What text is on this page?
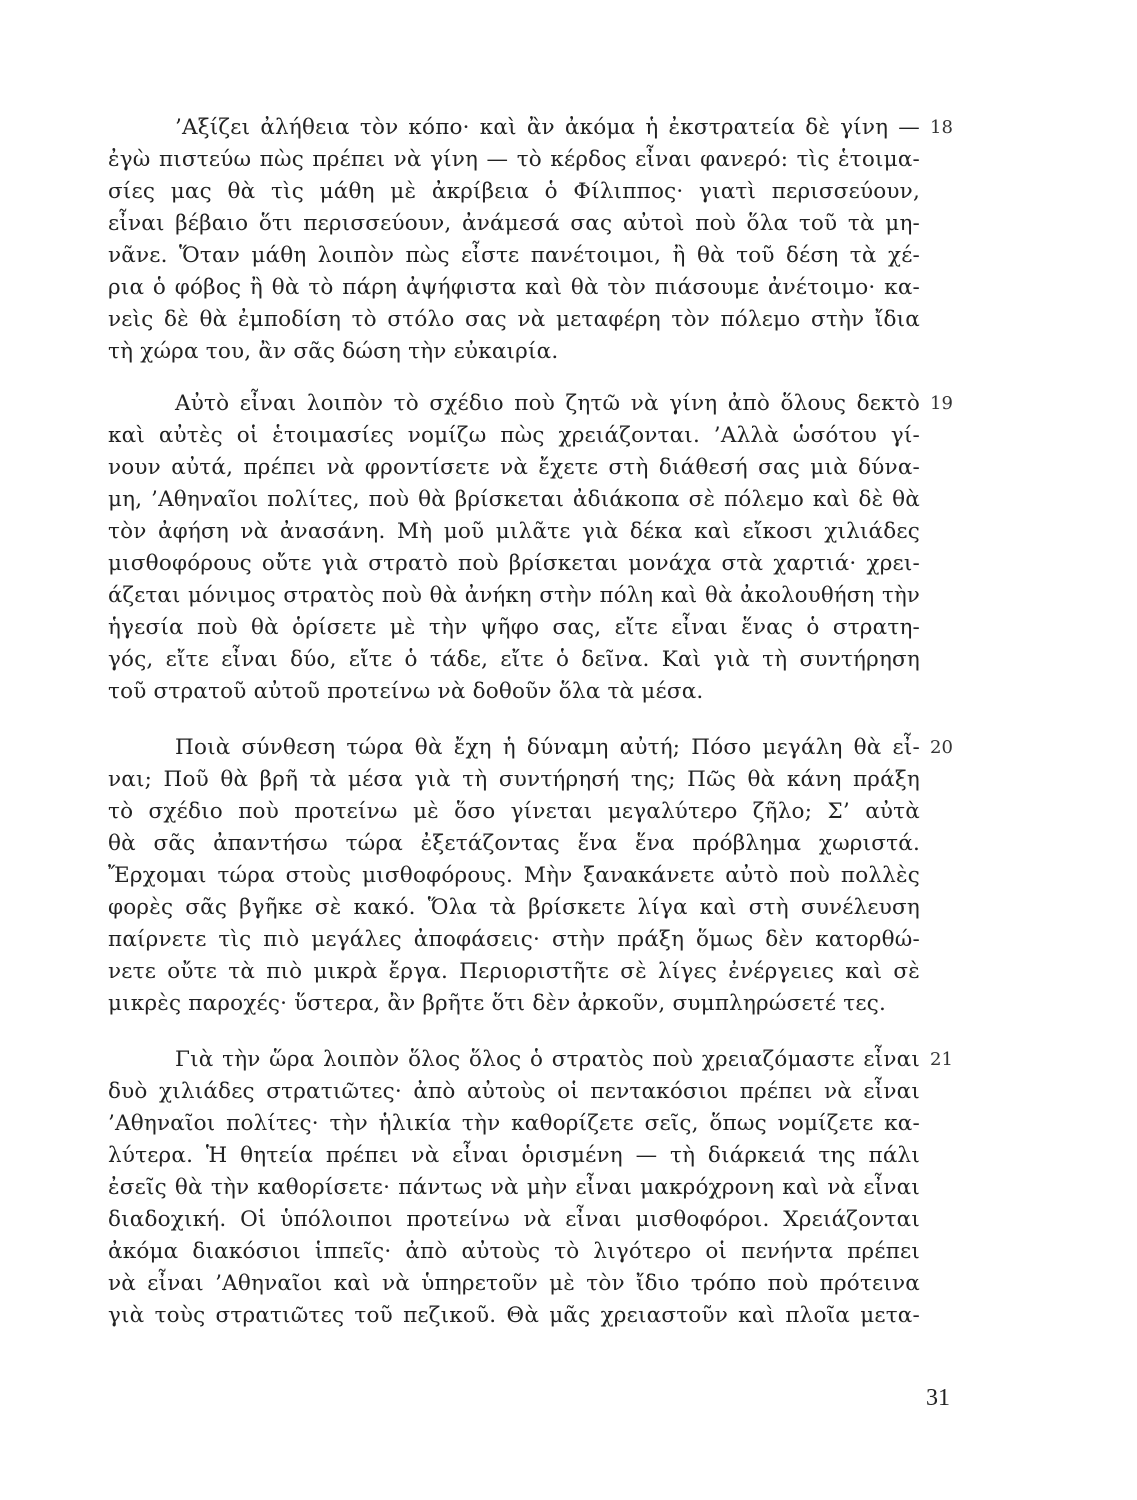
18
’Αξίζει ἀλήθεια τὸν κόπο· καὶ ἂν ἀκόμα ἡ ἐκστρατεία δὲ γίνη —
ἐγὼ πιστεύω πὼς πρέπει νὰ γίνη — τὸ κέρδος εἶναι φανερό: τὶς ἑτοιμα-
σίες μας θὰ τὶς μάθη μὲ ἀκρίβεια ὁ Φίλιππος· γιατὶ περισσεύουν,
εἶναι βέβαιο ὅτι περισσεύουν, ἀνάμεσά σας αὐτοὶ ποὺ ὅλα τοῦ τὰ μη-
νᾶνε. Ὅταν μάθη λοιπὸν πὼς εἶστε πανέτοιμοι, ἢ θὰ τοῦ δέση τὰ χέ-
ρια ὁ φόβος ἢ θὰ τὸ πάρη ἀψήφιστα καὶ θὰ τὸν πιάσουμε ἀνέτοιμο· κα-
νεὶς δὲ θὰ ἐμποδίση τὸ στόλο σας νὰ μεταφέρη τὸν πόλεμο στὴν ἴδια
τὴ χώρα του, ἂν σᾶς δώση τὴν εὐκαιρία.
19
Αὐτὸ εἶναι λοιπὸν τὸ σχέδιο ποὺ ζητῶ νὰ γίνη ἀπὸ ὅλους δεκτὸ
καὶ αὐτὲς οἱ ἑτοιμασίες νομίζω πὼς χρειάζονται. ’Αλλὰ ὡσότου γί-
νουν αὐτά, πρέπει νὰ φροντίσετε νὰ ἔχετε στὴ διάθεσή σας μιὰ δύνα-
μη, ’Αθηναῖοι πολίτες, ποὺ θὰ βρίσκεται ἀδιάκοπα σὲ πόλεμο καὶ δὲ θὰ
τὸν ἀφήση νὰ ἀνασάνη. Μὴ μοῦ μιλᾶτε γιὰ δέκα καὶ εἴκοσι χιλιάδες
μισθοφόρους οὔτε γιὰ στρατὸ ποὺ βρίσκεται μονάχα στὰ χαρτιά· χρει-
άζεται μόνιμος στρατὸς ποὺ θὰ ἀνήκη στὴν πόλη καὶ θὰ ἀκολουθήση τὴν
ἡγεσία ποὺ θὰ ὁρίσετε μὲ τὴν ψῆφο σας, εἴτε εἶναι ἕνας ὁ στρατη-
γός, εἴτε εἶναι δύο, εἴτε ὁ τάδε, εἴτε ὁ δεῖνα. Καὶ γιὰ τὴ συντήρηση
τοῦ στρατοῦ αὐτοῦ προτείνω νὰ δοθοῦν ὅλα τὰ μέσα.
20
Ποιὰ σύνθεση τώρα θὰ ἔχη ἡ δύναμη αὐτή; Πόσο μεγάλη θὰ εἶ-
ναι; Ποῦ θὰ βρῆ τὰ μέσα γιὰ τὴ συντήρησή της; Πῶς θὰ κάνη πράξη
τὸ σχέδιο ποὺ προτείνω μὲ ὅσο γίνεται μεγαλύτερο ζῆλο; Σ’ αὐτὰ
θὰ σᾶς ἀπαντήσω τώρα ἐξετάζοντας ἕνα ἕνα πρόβλημα χωριστά.
Ἔρχομαι τώρα στοὺς μισθοφόρους. Μὴν ξανακάνετε αὐτὸ ποὺ πολλὲς
φορὲς σᾶς βγῆκε σὲ κακό. Ὅλα τὰ βρίσκετε λίγα καὶ στὴ συνέλευση
παίρνετε τὶς πιὸ μεγάλες ἀποφάσεις· στὴν πράξη ὅμως δὲν κατορθώ-
νετε οὔτε τὰ πιὸ μικρὰ ἔργα. Περιοριστῆτε σὲ λίγες ἐνέργειες καὶ σὲ
μικρὲς παροχές· ὕστερα, ἂν βρῆτε ὅτι δὲν ἀρκοῦν, συμπληρώσετέ τες.
21
Γιὰ τὴν ὥρα λοιπὸν ὅλος ὅλος ὁ στρατὸς ποὺ χρειαζόμαστε εἶναι
δυὸ χιλιάδες στρατιῶτες· ἀπὸ αὐτοὺς οἱ πεντακόσιοι πρέπει νὰ εἶναι
’Αθηναῖοι πολίτες· τὴν ἡλικία τὴν καθορίζετε σεῖς, ὅπως νομίζετε κα-
λύτερα. Ἡ θητεία πρέπει νὰ εἶναι ὁρισμένη — τὴ διάρκειά της πάλι
ἐσεῖς θὰ τὴν καθορίσετε· πάντως νὰ μὴν εἶναι μακρόχρονη καὶ νὰ εἶναι
διαδοχική. Οἱ ὑπόλοιποι προτείνω νὰ εἶναι μισθοφόροι. Χρειάζονται
ἀκόμα διακόσιοι ἱππεῖς· ἀπὸ αὐτοὺς τὸ λιγότερο οἱ πενήντα πρέπει
νὰ εἶναι ’Αθηναῖοι καὶ νὰ ὑπηρετοῦν μὲ τὸν ἴδιο τρόπο ποὺ πρότεινα
γιὰ τοὺς στρατιῶτες τοῦ πεζικοῦ. Θὰ μᾶς χρειαστοῦν καὶ πλοῖα μετα-
31
